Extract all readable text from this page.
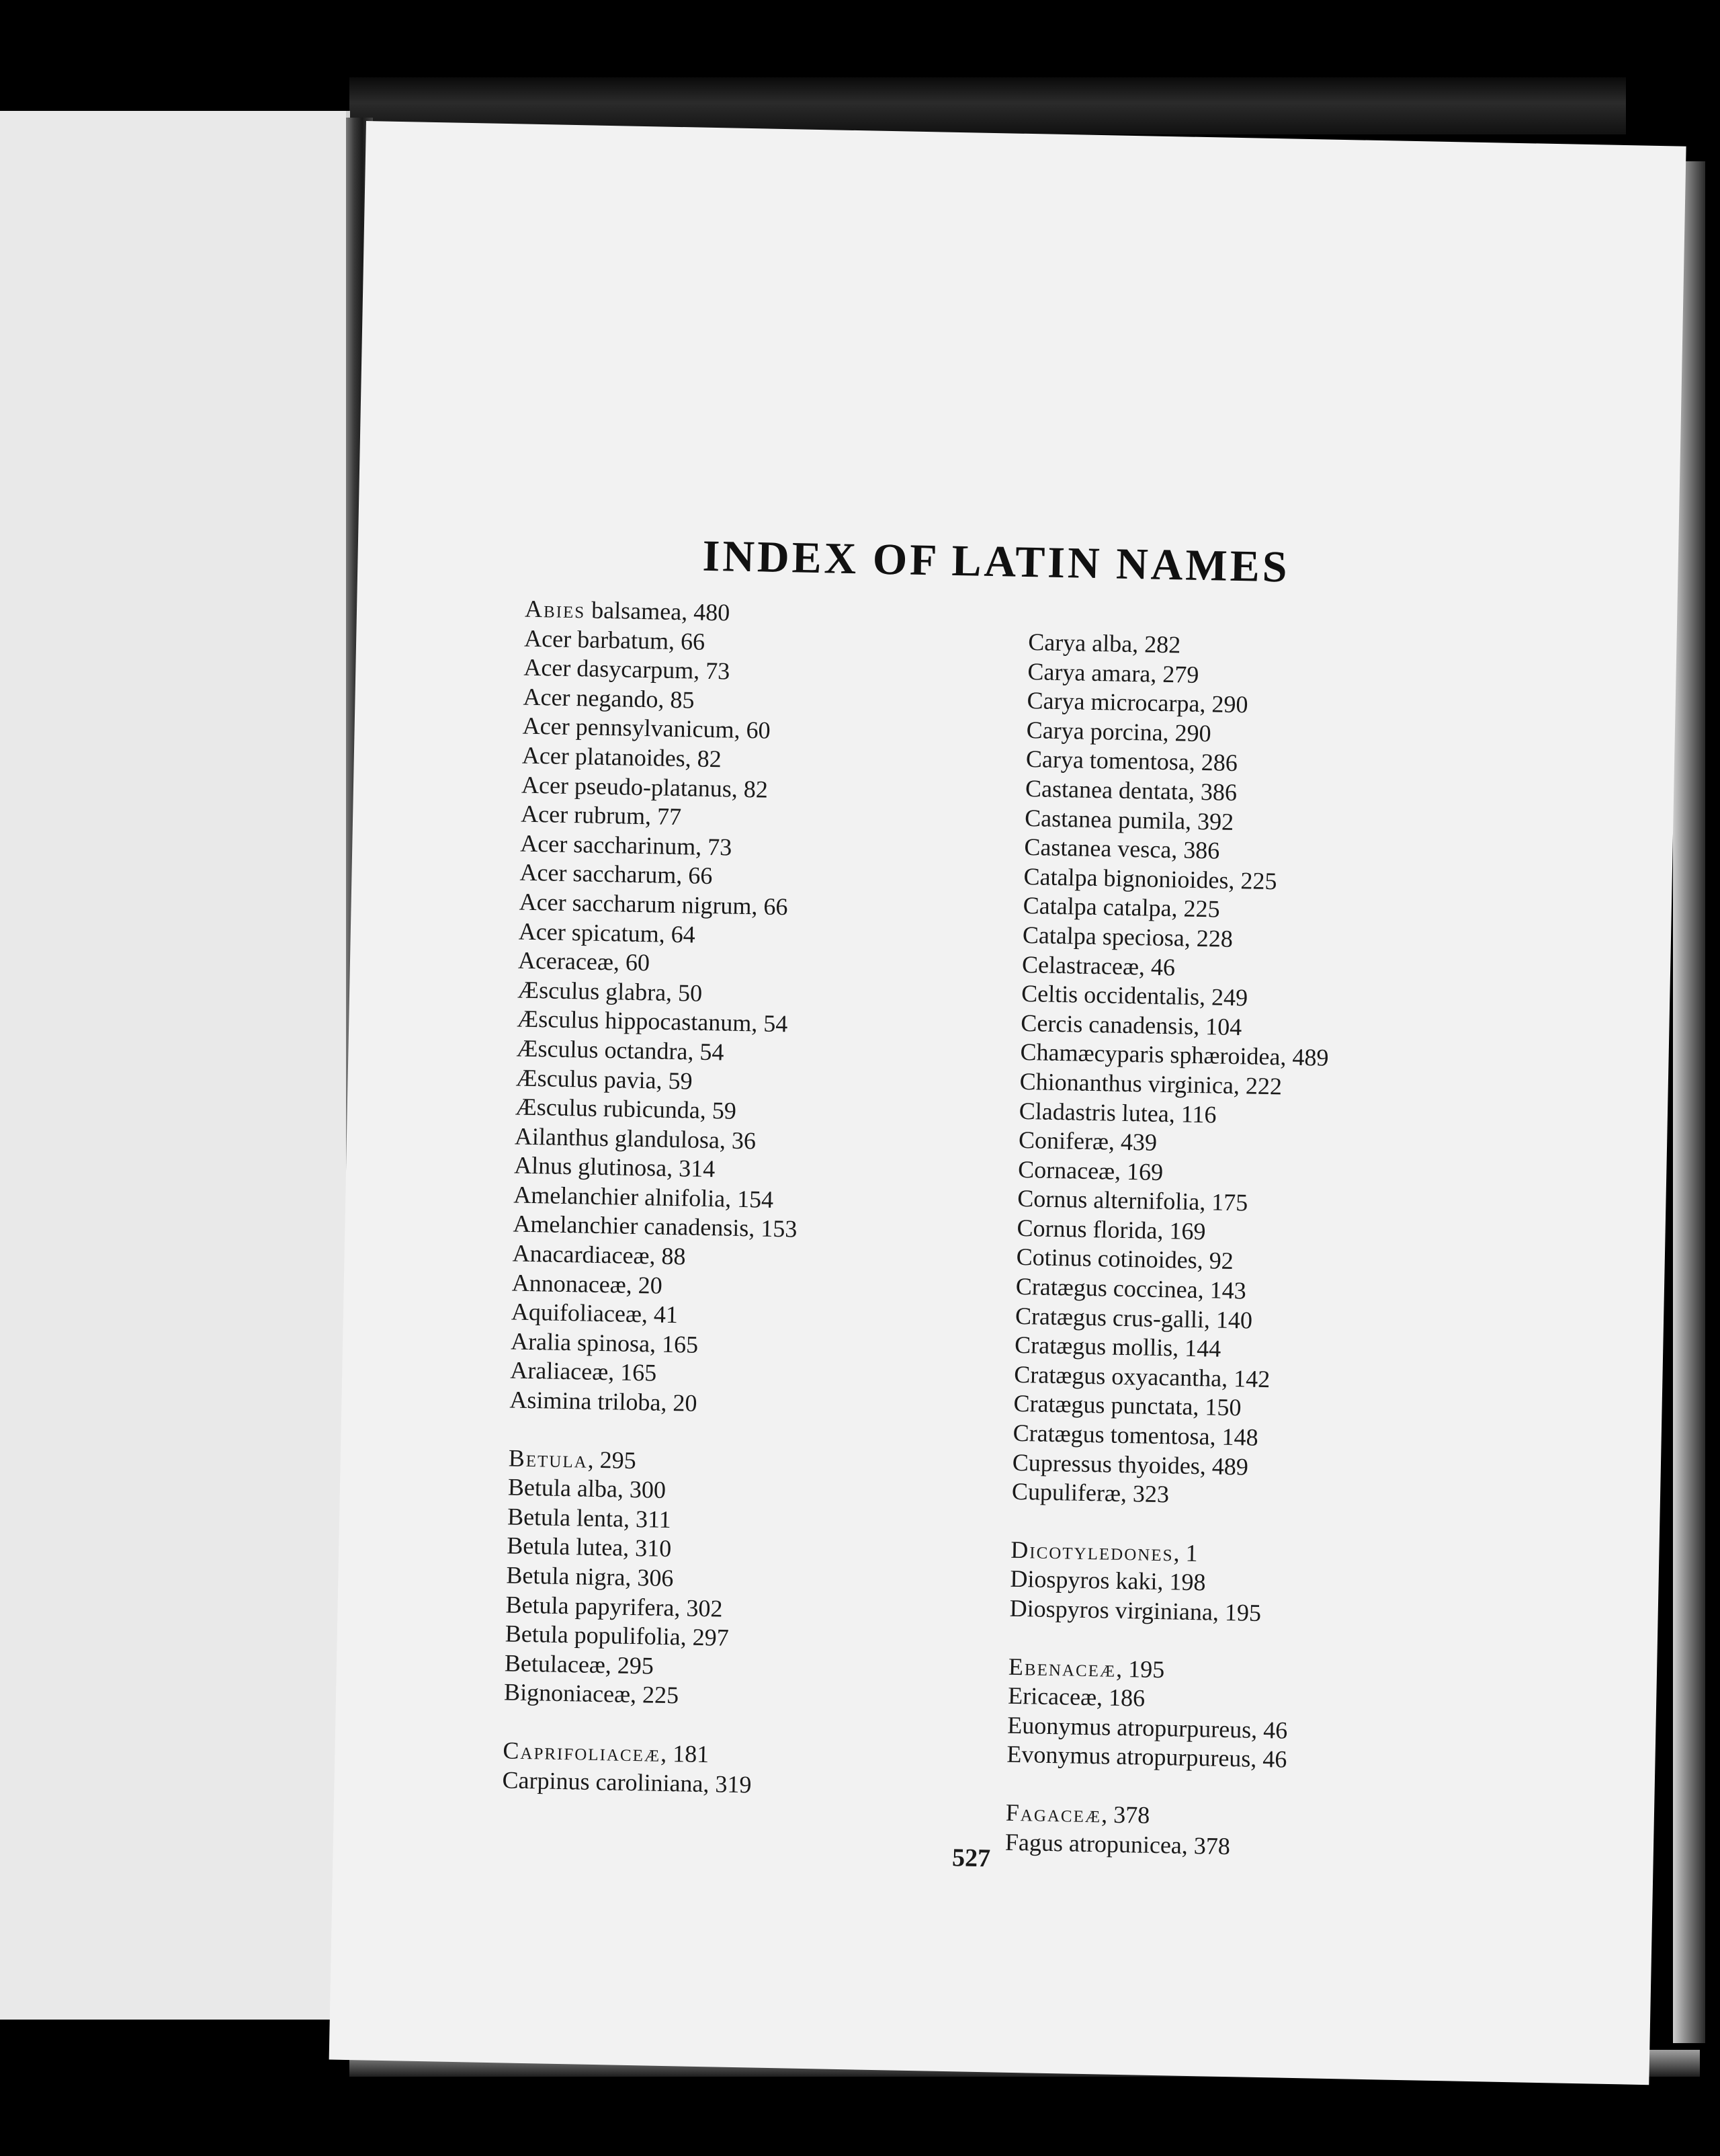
INDEX OF LATIN NAMES
Abies balsamea, 480
Acer barbatum, 66
Acer dasycarpum, 73
Acer negando, 85
Acer pennsylvanicum, 60
Acer platanoides, 82
Acer pseudo-platanus, 82
Acer rubrum, 77
Acer saccharinum, 73
Acer saccharum, 66
Acer saccharum nigrum, 66
Acer spicatum, 64
Aceraceæ, 60
Æsculus glabra, 50
Æsculus hippocastanum, 54
Æsculus octandra, 54
Æsculus pavia, 59
Æsculus rubicunda, 59
Ailanthus glandulosa, 36
Alnus glutinosa, 314
Amelanchier alnifolia, 154
Amelanchier canadensis, 153
Anacardiaceæ, 88
Annonaceæ, 20
Aquifoliaceæ, 41
Aralia spinosa, 165
Araliaceæ, 165
Asimina triloba, 20
Betula, 295
Betula alba, 300
Betula lenta, 311
Betula lutea, 310
Betula nigra, 306
Betula papyrifera, 302
Betula populifolia, 297
Betulaceæ, 295
Bignoniaceæ, 225
Caprifoliaceæ, 181
Carpinus caroliniana, 319
Carya alba, 282
Carya amara, 279
Carya microcarpa, 290
Carya porcina, 290
Carya tomentosa, 286
Castanea dentata, 386
Castanea pumila, 392
Castanea vesca, 386
Catalpa bignonioides, 225
Catalpa catalpa, 225
Catalpa speciosa, 228
Celastraceæ, 46
Celtis occidentalis, 249
Cercis canadensis, 104
Chamæcyparis sphæroidea, 489
Chionanthus virginica, 222
Cladastris lutea, 116
Coniferæ, 439
Cornaceæ, 169
Cornus alternifolia, 175
Cornus florida, 169
Cotinus cotinoides, 92
Cratægus coccinea, 143
Cratægus crus-galli, 140
Cratægus mollis, 144
Cratægus oxyacantha, 142
Cratægus punctata, 150
Cratægus tomentosa, 148
Cupressus thyoides, 489
Cupuliferæ, 323
Dicotyledones, 1
Diospyros kaki, 198
Diospyros virginiana, 195
Ebenaceæ, 195
Ericaceæ, 186
Euonymus atropurpureus, 46
Evonymus atropurpureus, 46
Fagaceæ, 378
Fagus atropunicea, 378
527
